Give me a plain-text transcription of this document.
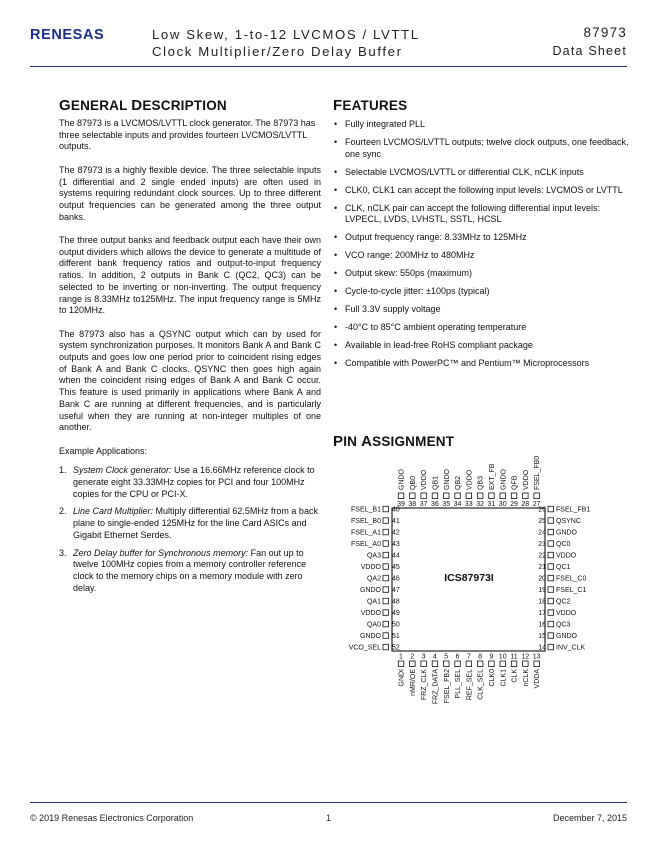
RENESAS	Low Skew, 1-to-12 LVCMOS / LVTTL
Clock Multiplier/Zero Delay Buffer
87973
Data Sheet
GENERAL DESCRIPTION

The 87973 is a LVCMOS/LVTTL clock generator. The 87973 has three selectable inputs and provides fourteen LVCMOS/LVTTL outputs.

The 87973 is a highly flexible device. The three selectable inputs (1 differential and 2 single ended inputs) are often used in systems requiring redundant clock sources. Up to three different output frequencies can be generated among the three output banks.

The three output banks and feedback output each have their own output dividers which allows the device to generate a multitude of different bank frequency ratios and output-to-input frequency ratios. In addition, 2 outputs in Bank C (QC2, QC3) can be selected to be inverting or non-inverting. The output frequency range is 8.33MHz to125MHz. The input frequency range is 5MHz to 120MHz.

The 87973 also has a QSYNC output which can by used for system synchronization purposes. It monitors Bank A and Bank C outputs and goes low one period prior to coincident rising edges of Bank A and Bank C clocks. QSYNC then goes high again when the coincident rising edges of Bank A and Bank C occur. This feature is used primarily in applications where Bank A and Bank C are running at different frequencies, and is particularly useful when they are running at non-integer multiples of one another.

Example Applications:

1. System Clock generator: Use a 16.66MHz reference clock to generate eight 33.33MHz copies for PCI and four 100MHz copies for the CPU or PCI-X.
2. Line Card Multiplier: Multiply differential 62.5MHz from a back plane to single-ended 125MHz for the line Card ASICs and Gigabit Ethernet Serdes.
3. Zero Delay buffer for Synchronous memory: Fan out up to twelve 100MHz copies from a memory controller reference clock to the memory chips on a memory module with zero delay.
FEATURES
• Fully integrated PLL
• Fourteen LVCMOS/LVTTL outputs; twelve clock outputs, one feedback, one sync
• Selectable LVCMOS/LVTTL or differential CLK, nCLK inputs
• CLK0, CLK1 can accept the following input levels: LVCMOS or LVTTL
• CLK, nCLK pair can accept the following differential input levels: LVPECL, LVDS, LVHSTL, SSTL, HCSL
• Output frequency range: 8.33MHz to 125MHz
• VCO range: 200MHz to 480MHz
• Output skew: 550ps (maximum)
• Cycle-to-cycle jitter: ±100ps (typical)
• Full 3.3V supply voltage
• -40°C to 85°C ambient operating temperature
• Available in lead-free RoHS compliant package
• Compatible with PowerPC™ and Pentium™ Microprocessors
PIN ASSIGNMENT
ICS87973I
FSEL_B1 40
FSEL_B0 41
FSEL_A1 42
FSEL_A0 43
QA3 44
VDDO 45
QA2 46
GNDO 47
QA1 48
VDDO 49
QA0 50
GNDO 51
VCO_SEL 52
FSEL_FB1
26
QSYNC
25
GNDO
24
QC0
23
VDDO
22
QC1
21
FSEL_C0
20
FSEL_C1
19
QC2
18
VDDO
17
QC3
16
GNDO
15
INV_CLK
14
GNDO
39
QB0
38
VDDO
37
QB1
36
GNDO
35
QB2
34
VDDO
33
QB3
32
EXT_FB
31
GNDO
30
QFB
29
VDDO
28
FSEL_FB0
27
GNDI
1
nMR/OE
2
FRZ_CLK
3
FRZ_DATA
4
FSEL_FB2
5
PLL_SEL
6
REF_SEL
7
CLK_SEL
8
CLK0
9
CLK1
10
CLK
11
nCLK
12
VDDA
13
© 2019 Renesas Electronics Corporation	1	December 7, 2015
